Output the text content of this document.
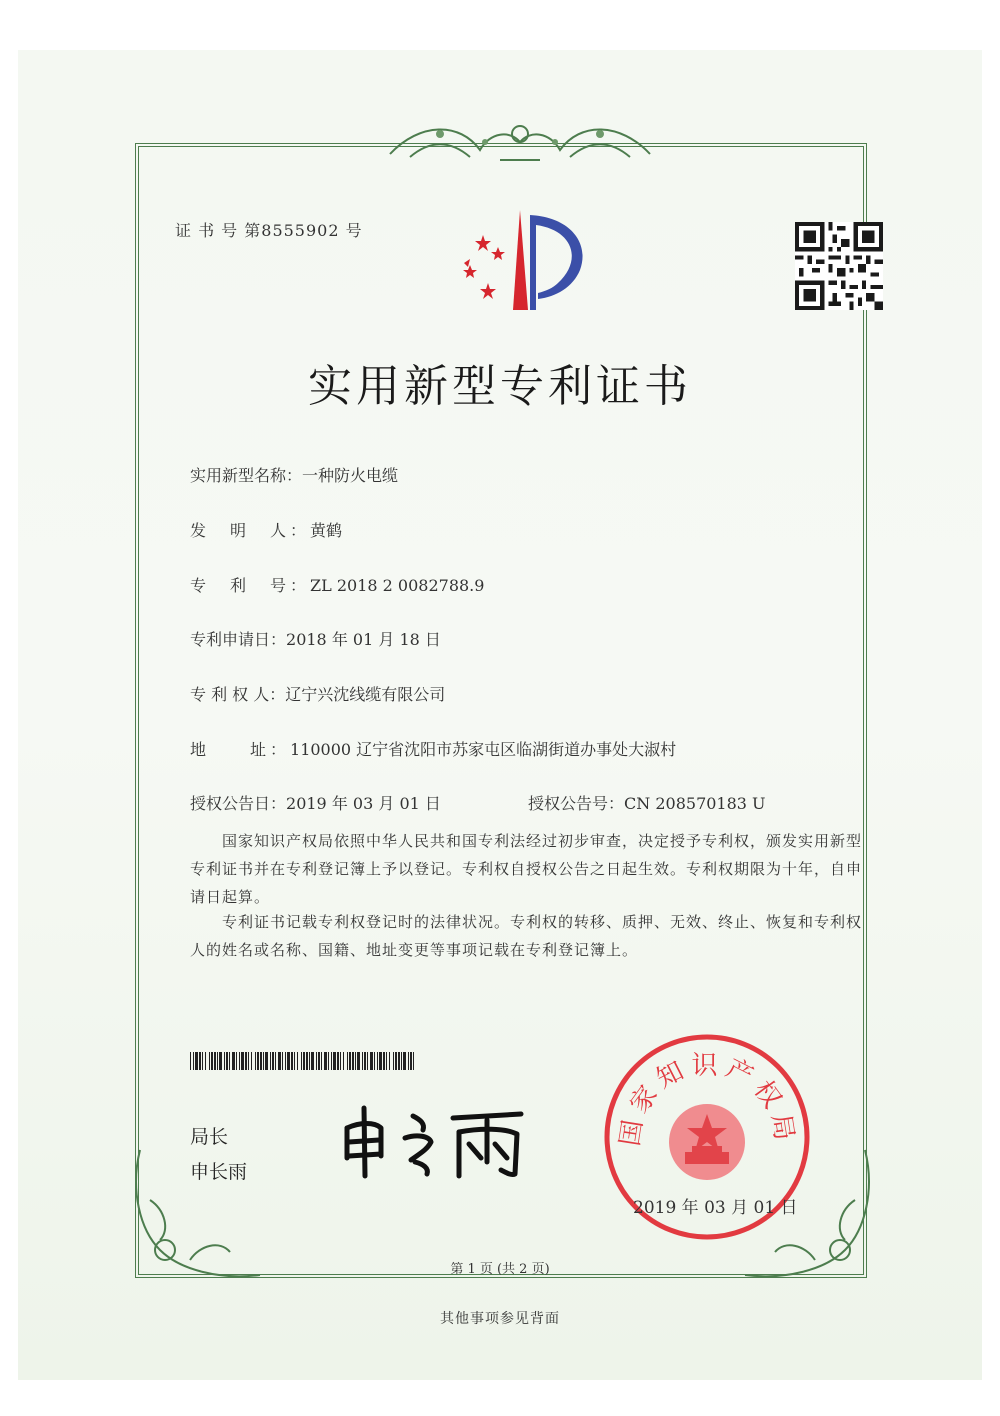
证 书 号 第8555902 号
实用新型专利证书
实用新型名称：一种防火电缆
发　明　人：黄鹤
专　利　号：ZL 2018 2 0082788.9
专利申请日：2018 年 01 月 18 日
专 利 权 人：辽宁兴沈线缆有限公司
地　　址：110000 辽宁省沈阳市苏家屯区临湖街道办事处大淑村
授权公告日：2019 年 03 月 01 日	授权公告号：CN 208570183 U
国家知识产权局依照中华人民共和国专利法经过初步审查，决定授予专利权，颁发实用新型专利证书并在专利登记簿上予以登记。专利权自授权公告之日起生效。专利权期限为十年，自申请日起算。
专利证书记载专利权登记时的法律状况。专利权的转移、质押、无效、终止、恢复和专利权人的姓名或名称、国籍、地址变更等事项记载在专利登记簿上。
局长
申长雨
国家知识产权局
2019 年 03 月 01 日
第 1 页 (共 2 页)
其他事项参见背面
